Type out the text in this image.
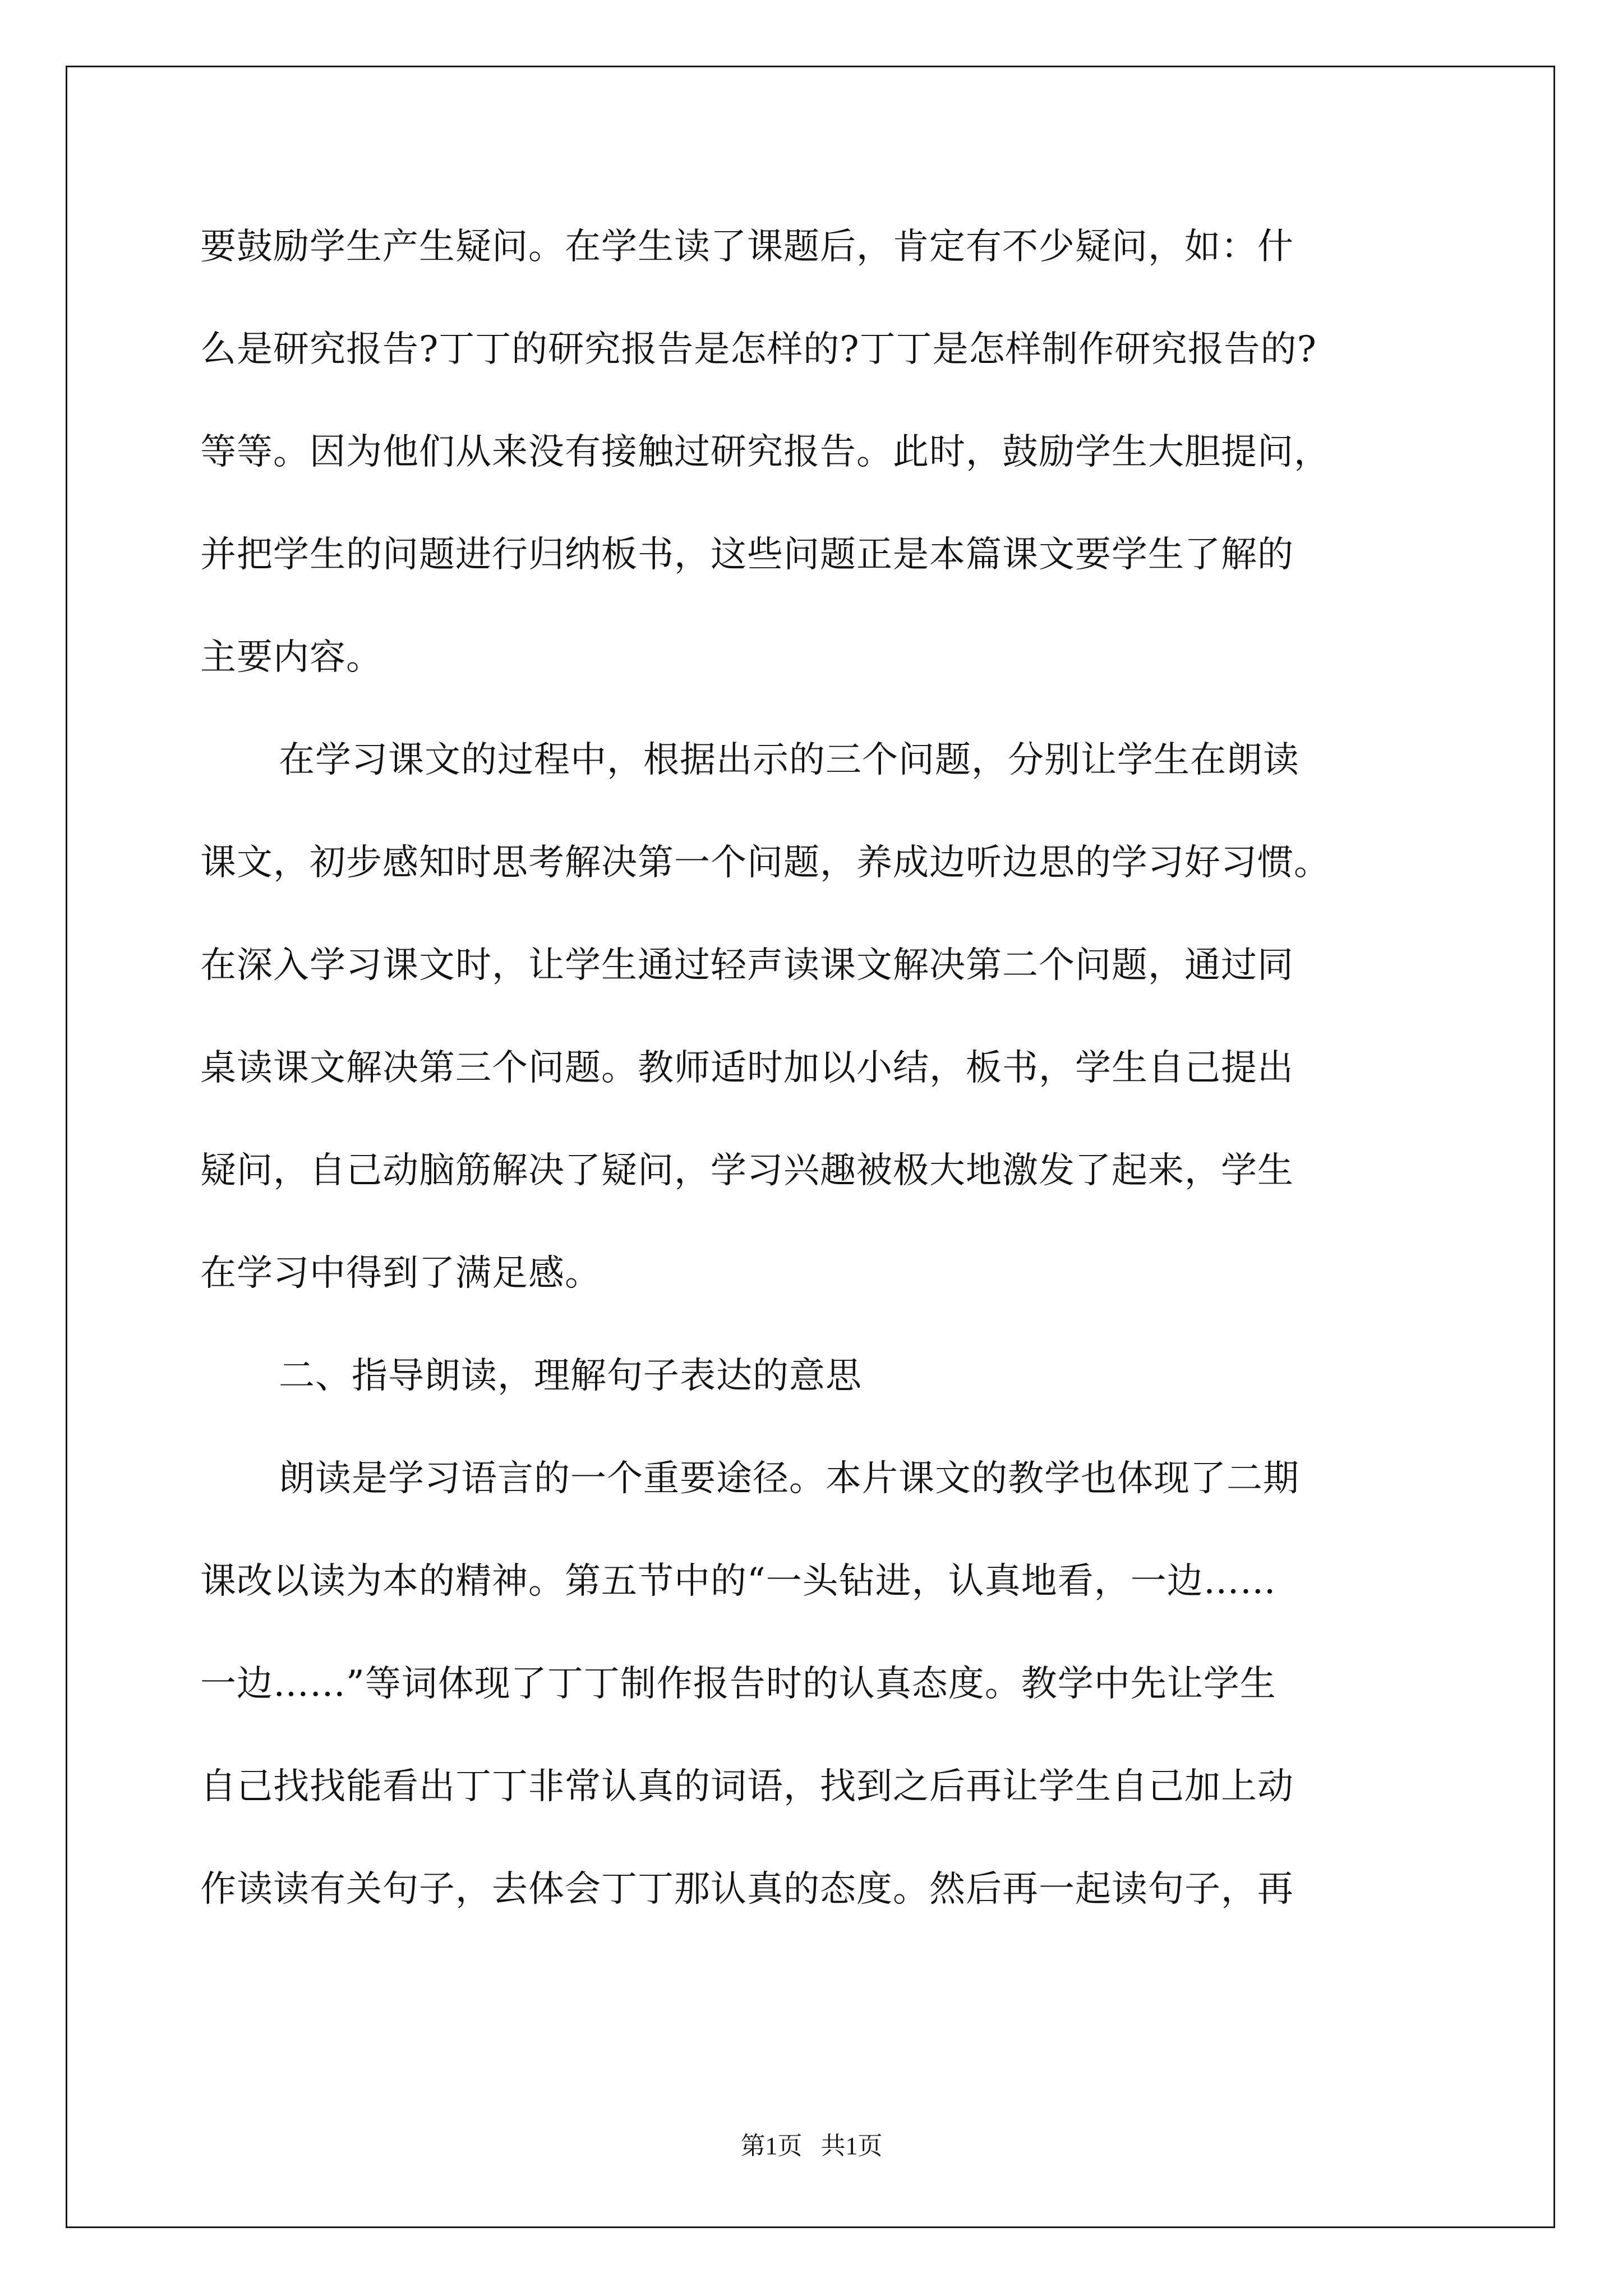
要鼓励学生产生疑问。在学生读了课题后，肯定有不少疑问，如：什
么是研究报告?丁丁的研究报告是怎样的?丁丁是怎样制作研究报告的?
等等。因为他们从来没有接触过研究报告。此时，鼓励学生大胆提问，
并把学生的问题进行归纳板书，这些问题正是本篇课文要学生了解的
主要内容。
在学习课文的过程中，根据出示的三个问题，分别让学生在朗读
课文，初步感知时思考解决第一个问题，养成边听边思的学习好习惯。
在深入学习课文时，让学生通过轻声读课文解决第二个问题，通过同
桌读课文解决第三个问题。教师适时加以小结，板书，学生自己提出
疑问，自己动脑筋解决了疑问，学习兴趣被极大地激发了起来，学生
在学习中得到了满足感。
二、指导朗读，理解句子表达的意思
朗读是学习语言的一个重要途径。本片课文的教学也体现了二期
课改以读为本的精神。第五节中的“一头钻进，认真地看，一边……
一边……”等词体现了丁丁制作报告时的认真态度。教学中先让学生
自己找找能看出丁丁非常认真的词语，找到之后再让学生自己加上动
作读读有关句子，去体会丁丁那认真的态度。然后再一起读句子，再
第1页   共1页
